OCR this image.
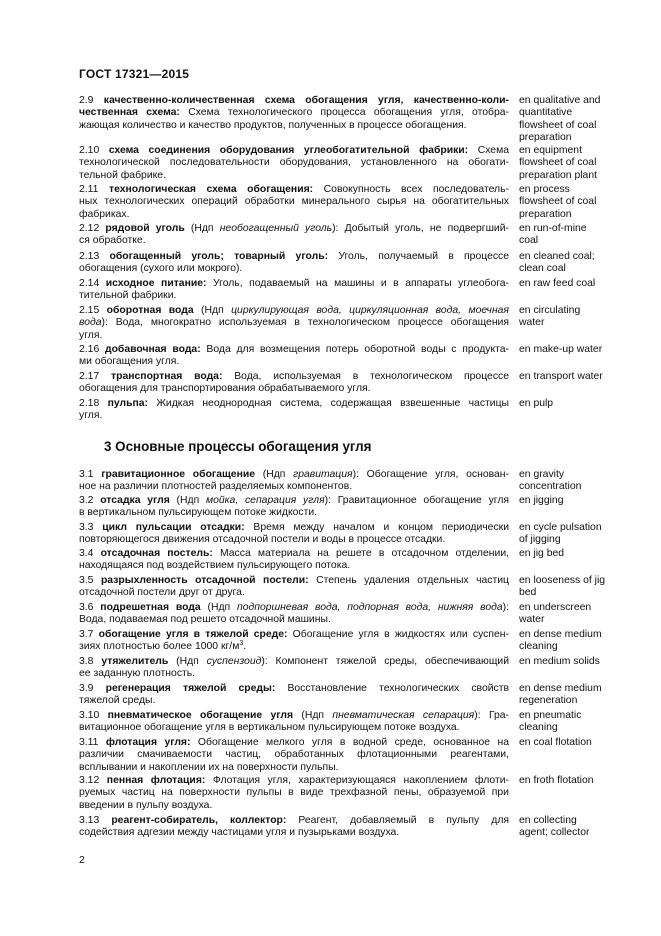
ГОСТ 17321—2015
2.9 качественно-количественная схема обогащения угля, качественно-коли-
чественная схема: Схема технологического процесса обогащения угля, отобра-
жающая количество и качество продуктов, полученных в процессе обогащения.
en qualitative and
quantitative
flowsheet of coal
preparation
2.10 схема соединения оборудования углеобогатительной фабрики: Схема
технологической последовательности оборудования, установленного на обогати-
тельной фабрике.
en equipment
flowsheet of coal
preparation plant
2.11 технологическая схема обогащения: Совокупность всех последователь-
ных технологических операций обработки минерального сырья на обогатительных
фабриках.
en process
flowsheet of coal
preparation
2.12 рядовой уголь (Ндп необогащенный уголь): Добытый уголь, не подвергший-
ся обработке.
en run-of-mine
coal
2.13 обогащенный уголь; товарный уголь: Уголь, получаемый в процессе
обогащения (сухого или мокрого).
en cleaned coal;
clean coal
2.14 исходное питание: Уголь, подаваемый на машины и в аппараты углеобога-
тительной фабрики.
en raw feed coal
2.15 оборотная вода (Ндп циркулирующая вода, циркуляционная вода, моечная
вода): Вода, многократно используемая в технологическом процессе обогащения
угля.
en circulating
water
2.16 добавочная вода: Вода для возмещения потерь оборотной воды с продукта-
ми обогащения угля.
en make-up water
2.17 транспортная вода: Вода, используемая в технологическом процессе
обогащения для транспортирования обрабатываемого угля.
en transport water
2.18 пульпа: Жидкая неоднородная система, содержащая взвешенные частицы
угля.
en pulp
3 Основные процессы обогащения угля
3.1 гравитационное обогащение (Ндп гравитация): Обогащение угля, основан-
ное на различии плотностей разделяемых компонентов.
en gravity
concentration
3.2 отсадка угля (Ндп мойка, сепарация угля): Гравитационное обогащение угля
в вертикальном пульсирующем потоке жидкости.
en jigging
3.3 цикл пульсации отсадки: Время между началом и концом периодически
повторяющегося движения отсадочной постели и воды в процессе отсадки.
en cycle pulsation
of jigging
3.4 отсадочная постель: Масса материала на решете в отсадочном отделении,
находящаяся под воздействием пульсирующего потока.
en jig bed
3.5 разрыхленность отсадочной постели: Степень удаления отдельных частиц
отсадочной постели друг от друга.
en looseness of jig
bed
3.6 подрешетная вода (Ндп подпоршневая вода, подпорная вода, нижняя вода):
Вода, подаваемая под решето отсадочной машины.
en underscreen
water
3.7 обогащение угля в тяжелой среде: Обогащение угля в жидкостях или суспен-
зиях плотностью более 1000 $кг/м^3$.
en dense medium
cleaning
3.8 утяжелитель (Ндп суспензоид): Компонент тяжелой среды, обеспечивающий
ее заданную плотность.
en medium solids
3.9 регенерация тяжелой среды: Восстановление технологических свойств
тяжелой среды.
en dense medium
regeneration
3.10 пневматическое обогащение угля (Ндп пневматическая сепарация): Гра-
витационное обогащение угля в вертикальном пульсирующем потоке воздуха.
en pneumatic
cleaning
3.11 флотация угля: Обогащение мелкого угля в водной среде, основанное на
различии смачиваемости частиц, обработанных флотационными реагентами,
всплывании и накоплении их на поверхности пульпы.
en coal flotation
3.12 пенная флотация: Флотация угля, характеризующаяся накоплением флоти-
руемых частиц на поверхности пульпы в виде трехфазной пены, образуемой при
введении в пульпу воздуха.
en froth flotation
3.13 реагент-собиратель, коллектор: Реагент, добавляемый в пульпу для
содействия адгезии между частицами угля и пузырьками воздуха.
en collecting
agent; collector
2
